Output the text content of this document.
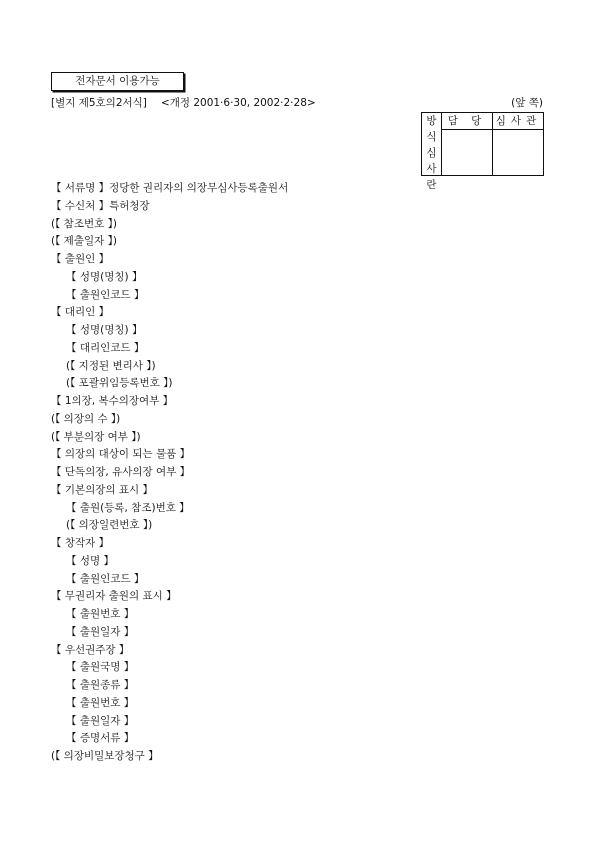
전자문서 이용가능
[별지 제5호의2서식] <개정 2001·6·30, 2002·2·28>	(앞 쪽)
방
식
심
사
란
담 당 심사관
【 서류명 】정당한 권리자의 의장무심사등록출원서
【 수신처 】특허청장
(【 참조번호 】)
(【 제출일자 】)
【 출원인 】
【 성명(명칭) 】
【 출원인코드 】
【 대리인 】
【 성명(명칭) 】
【 대리인코드 】
(【 지정된 변리사 】)
(【 포괄위임등록번호 】)
【 1의장, 복수의장여부 】
(【 의장의 수 】)
(【 부분의장 여부 】)
【 의장의 대상이 되는 물품 】
【 단독의장, 유사의장 여부 】
【 기본의장의 표시 】
【 출원(등록, 참조)번호 】
(【 의장일련번호 】)
【 창작자 】
【 성명 】
【 출원인코드 】
【 무권리자 출원의 표시 】
【 출원번호 】
【 출원일자 】
【 우선권주장 】
【 출원국명 】
【 출원종류 】
【 출원번호 】
【 출원일자 】
【 증명서류 】
(【 의장비밀보장청구 】
